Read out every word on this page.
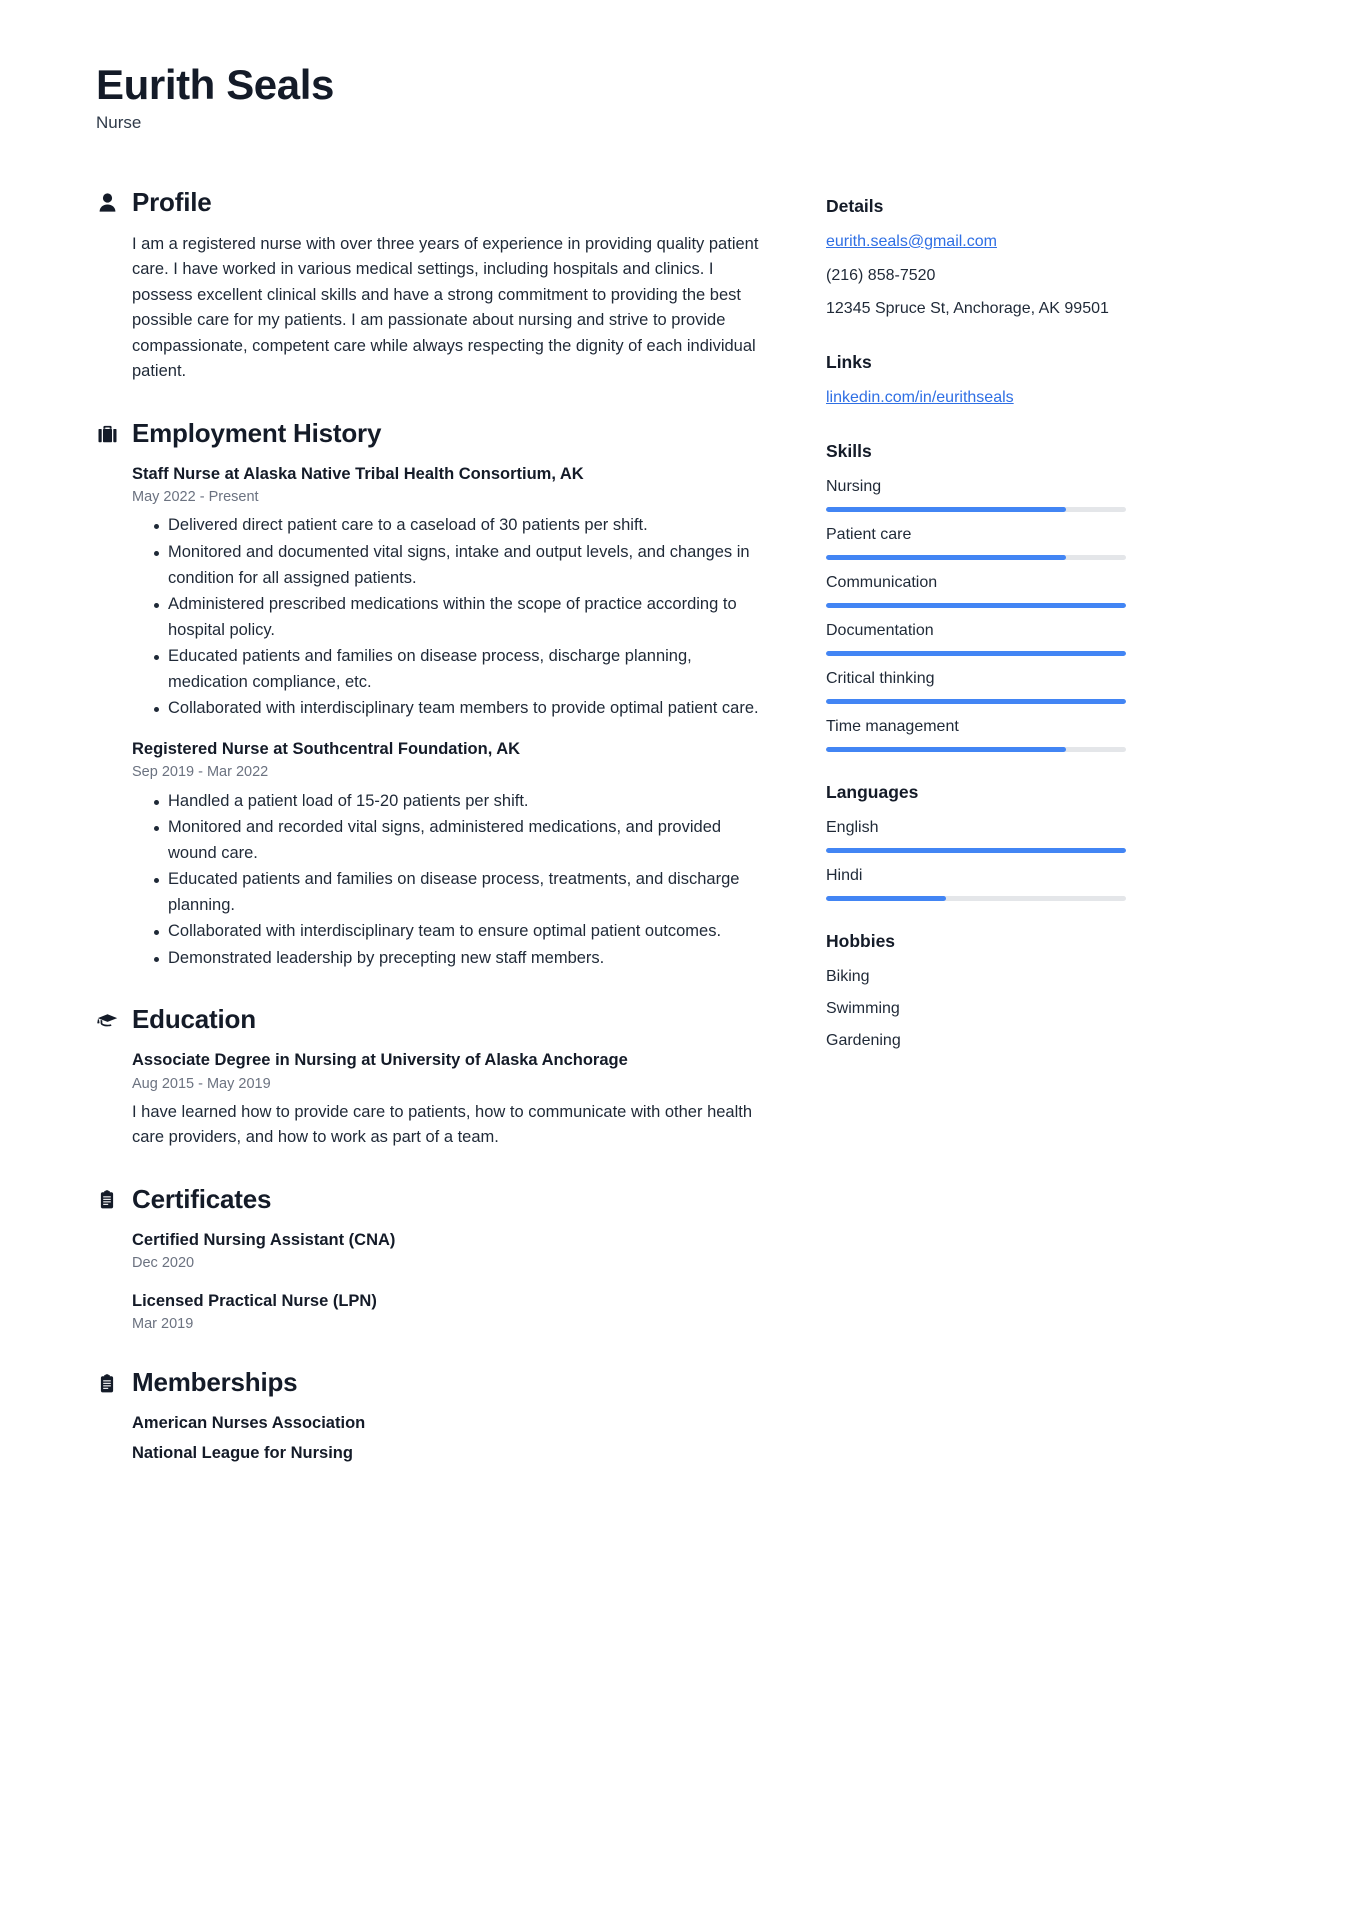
Eurith Seals
Nurse
Profile

I am a registered nurse with over three years of experience in providing quality patient care. I have worked in various medical settings, including hospitals and clinics. I possess excellent clinical skills and have a strong commitment to providing the best possible care for my patients. I am passionate about nursing and strive to provide compassionate, competent care while always respecting the dignity of each individual patient.

Employment History
Staff Nurse at Alaska Native Tribal Health Consortium, AK
May 2022 - Present
Delivered direct patient care to a caseload of 30 patients per shift.
Monitored and documented vital signs, intake and output levels, and changes in condition for all assigned patients.
Administered prescribed medications within the scope of practice according to hospital policy.
Educated patients and families on disease process, discharge planning, medication compliance, etc.
Collaborated with interdisciplinary team members to provide optimal patient care.
Registered Nurse at Southcentral Foundation, AK
Sep 2019 - Mar 2022
Handled a patient load of 15-20 patients per shift.
Monitored and recorded vital signs, administered medications, and provided wound care.
Educated patients and families on disease process, treatments, and discharge planning.
Collaborated with interdisciplinary team to ensure optimal patient outcomes.
Demonstrated leadership by precepting new staff members.
Education
Associate Degree in Nursing at University of Alaska Anchorage
Aug 2015 - May 2019

I have learned how to provide care to patients, how to communicate with other health care providers, and how to work as part of a team.

Certificates
Certified Nursing Assistant (CNA)
Dec 2020
Licensed Practical Nurse (LPN)
Mar 2019
Memberships
American Nurses Association
National League for Nursing
Details
eurith.seals@gmail.com
(216) 858-7520
12345 Spruce St, Anchorage, AK 99501
Links
linkedin.com/in/eurithseals
Skills
Nursing
Patient care
Communication
Documentation
Critical thinking
Time management
Languages
English
Hindi
Hobbies
Biking
Swimming
Gardening
